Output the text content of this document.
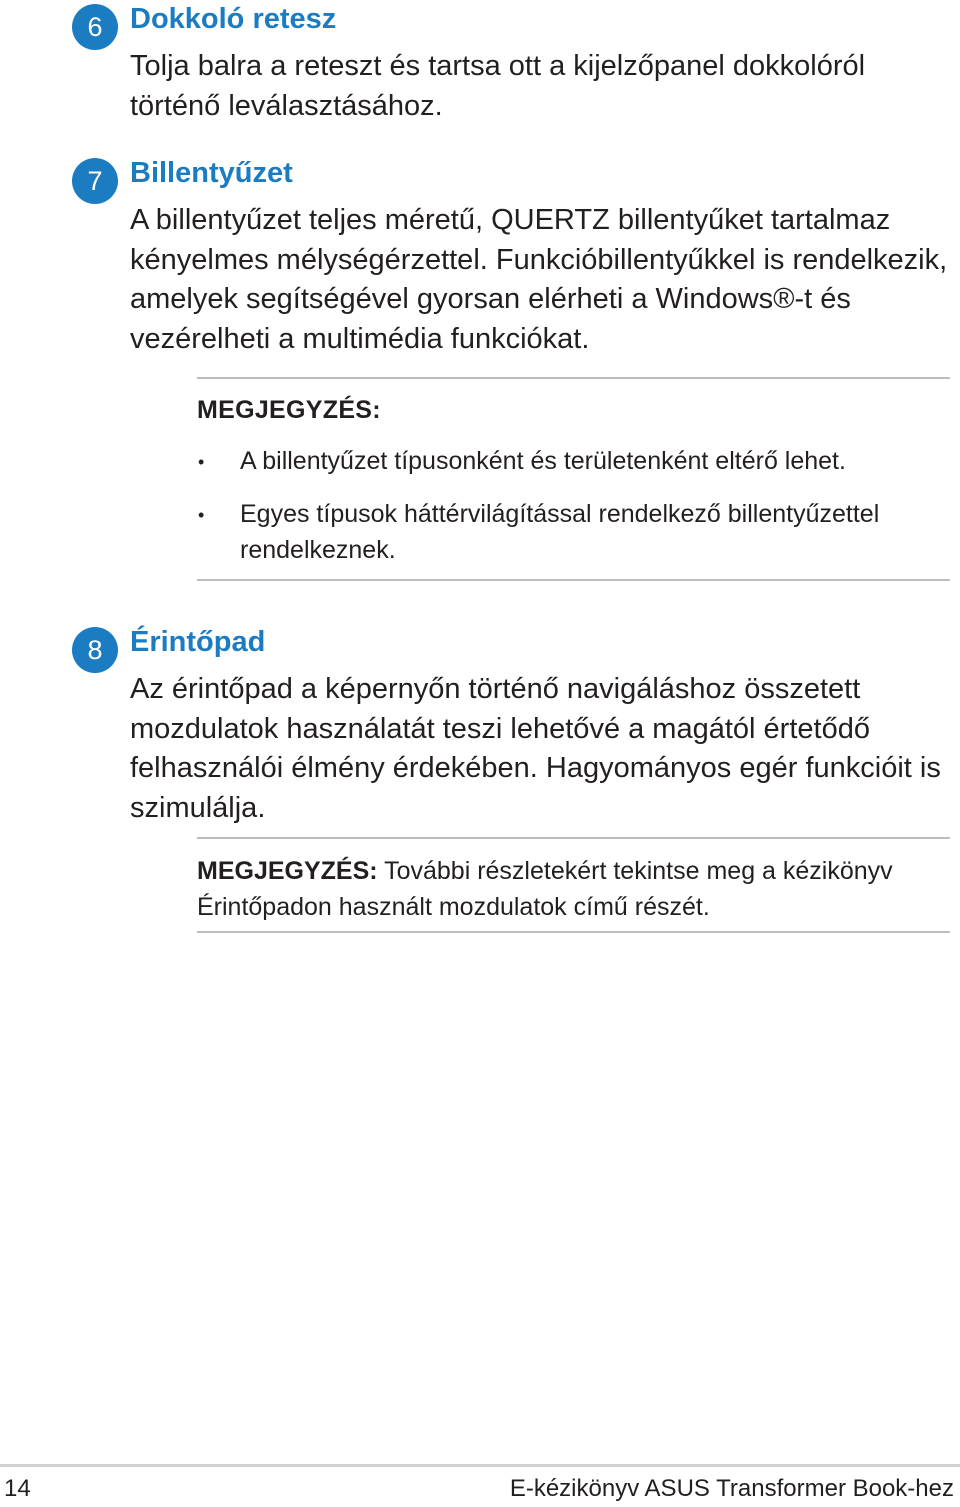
6 Dokkoló retesz
Tolja balra a reteszt és tartsa ott a kijelzőpanel dokkolóról történő leválasztásához.
7 Billentyűzet
A billentyűzet teljes méretű, QUERTZ billentyűket tartalmaz kényelmes mélységérzettel. Funkcióbillentyűkkel is rendelkezik, amelyek segítségével gyorsan elérheti a Windows®-t és vezérelheti a multimédia funkciókat.
MEGJEGYZÉS:
• A billentyűzet típusonként és területenként eltérő lehet.
• Egyes típusok háttérvilágítással rendelkező billentyűzettel rendelkeznek.
8 Érintőpad
Az érintőpad a képernyőn történő navigáláshoz összetett mozdulatok használatát teszi lehetővé a magától értetődő felhasználói élmény érdekében. Hagyományos egér funkcióit is szimulálja.
MEGJEGYZÉS: További részletekért tekintse meg a kézikönyv Érintőpadon használt mozdulatok című részét.
14	E-kézikönyv ASUS Transformer Book-hez
